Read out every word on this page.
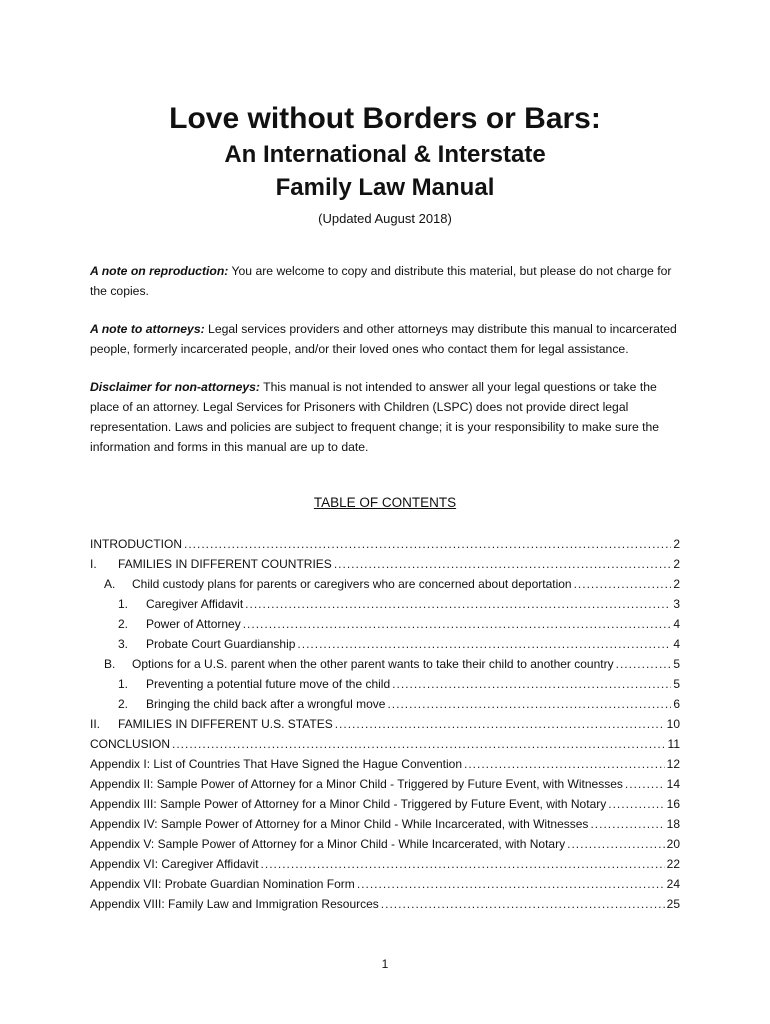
Love without Borders or Bars:
An International & Interstate
Family Law Manual
(Updated August 2018)

A note on reproduction: You are welcome to copy and distribute this material, but please do not charge for the copies.

A note to attorneys: Legal services providers and other attorneys may distribute this manual to incarcerated people, formerly incarcerated people, and/or their loved ones who contact them for legal assistance.

Disclaimer for non-attorneys: This manual is not intended to answer all your legal questions or take the place of an attorney. Legal Services for Prisoners with Children (LSPC) does not provide direct legal representation. Laws and policies are subject to frequent change; it is your responsibility to make sure the information and forms in this manual are up to date.

TABLE OF CONTENTS
INTRODUCTION .....	2
I.	FAMILIES IN DIFFERENT COUNTRIES .....	2
A.	Child custody plans for parents or caregivers who are concerned about deportation .....	2
1.	Caregiver Affidavit .....	3
2.	Power of Attorney .....	4
3.	Probate Court Guardianship .....	4
B.	Options for a U.S. parent when the other parent wants to take their child to another country .....	5
1.	Preventing a potential future move of the child .....	5
2.	Bringing the child back after a wrongful move .....	6
II.	FAMILIES IN DIFFERENT U.S. STATES .....	10
CONCLUSION .....	11
Appendix I: List of Countries That Have Signed the Hague Convention .....	12
Appendix II: Sample Power of Attorney for a Minor Child - Triggered by Future Event, with Witnesses .....	14
Appendix III: Sample Power of Attorney for a Minor Child - Triggered by Future Event, with Notary .....	16
Appendix IV: Sample Power of Attorney for a Minor Child - While Incarcerated, with Witnesses .....	18
Appendix V: Sample Power of Attorney for a Minor Child - While Incarcerated, with Notary .....	20
Appendix VI: Caregiver Affidavit .....	22
Appendix VII: Probate Guardian Nomination Form .....	24
Appendix VIII: Family Law and Immigration Resources .....	25
1
